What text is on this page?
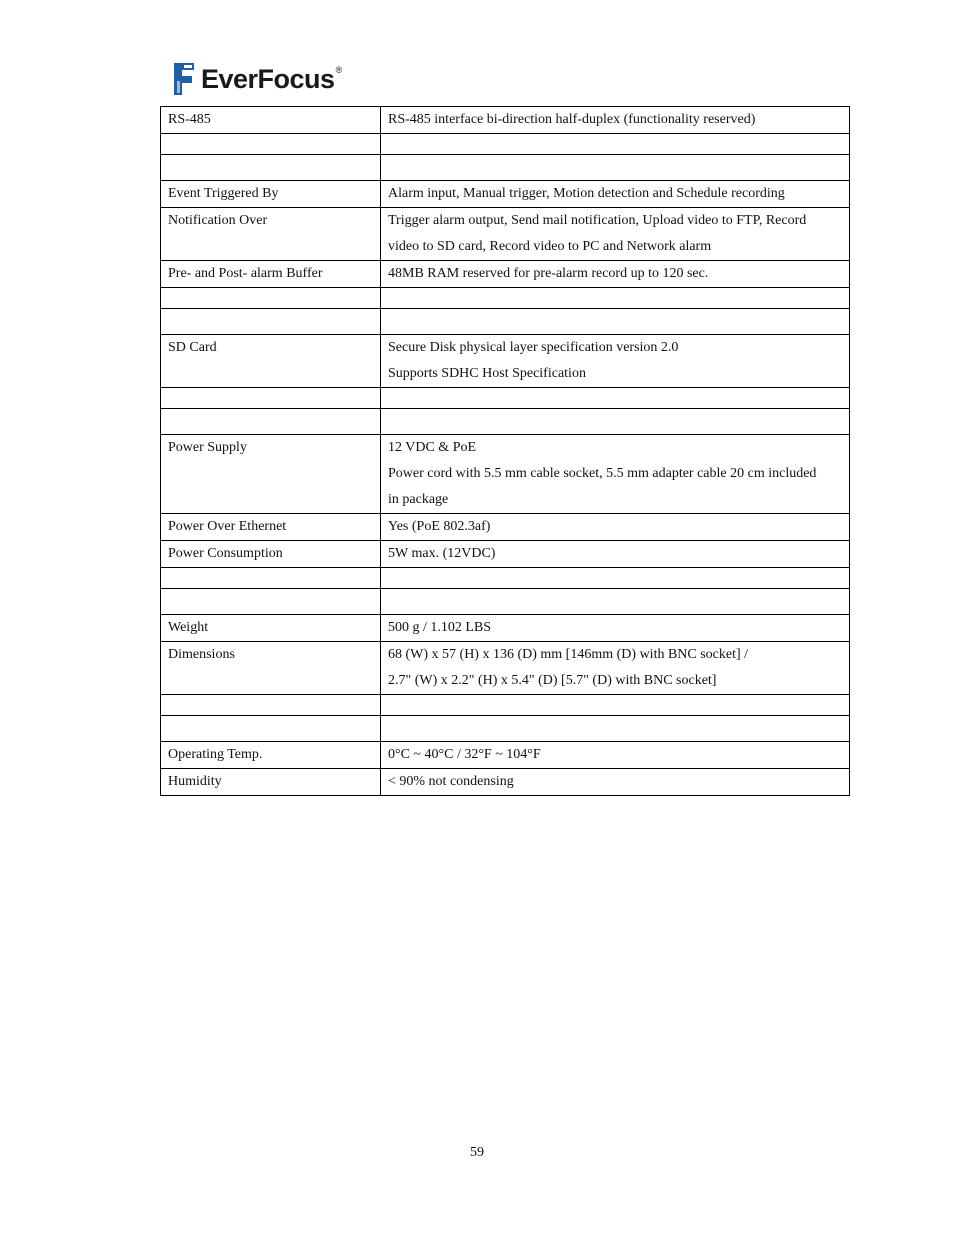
EverFocus ®
RS-485	RS-485 interface bi-direction half-duplex (functionality reserved)

Event Triggered By	Alarm input, Manual trigger, Motion detection and Schedule recording

Notification Over	Trigger alarm output, Send mail notification, Upload video to FTP, Record
video to SD card, Record video to PC and Network alarm

Pre- and Post- alarm Buffer	48MB RAM reserved for pre-alarm record up to 120 sec.

SD Card	Secure Disk physical layer specification version 2.0
Supports SDHC Host Specification

Power Supply	12 VDC & PoE
Power cord with 5.5 mm cable socket, 5.5 mm adapter cable 20 cm included
in package

Power Over Ethernet	Yes (PoE 802.3af)

Power Consumption	5W max. (12VDC)

Weight	500 g / 1.102 LBS

Dimensions	68 (W) x 57 (H) x 136 (D) mm [146mm (D) with BNC socket] /
2.7" (W) x 2.2" (H) x 5.4" (D) [5.7" (D) with BNC socket]

Operating Temp.	0°C ~ 40°C / 32°F ~ 104°F

Humidity	< 90% not condensing
59
